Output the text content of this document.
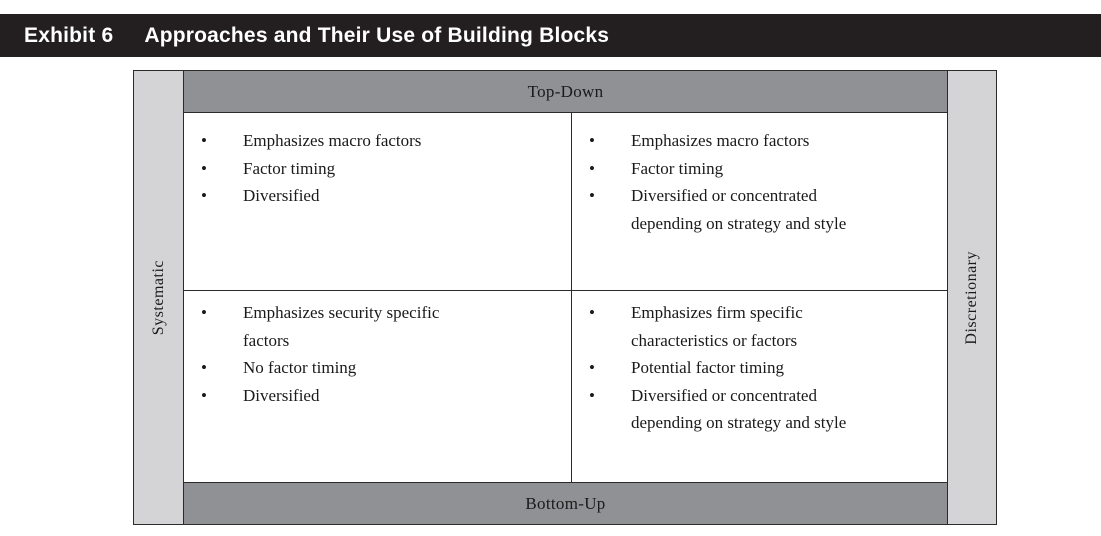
Exhibit 6 Approaches and Their Use of Building Blocks
Systematic
Top-Down
• Emphasizes macro factors
• Factor timing
• Diversified
• Emphasizes macro factors
• Factor timing
• Diversified or concentrated depending on strategy and style
• Emphasizes security specific factors
• No factor timing
• Diversified
• Emphasizes firm specific characteristics or factors
• Potential factor timing
• Diversified or concentrated depending on strategy and style
Bottom-Up
Discretionary
